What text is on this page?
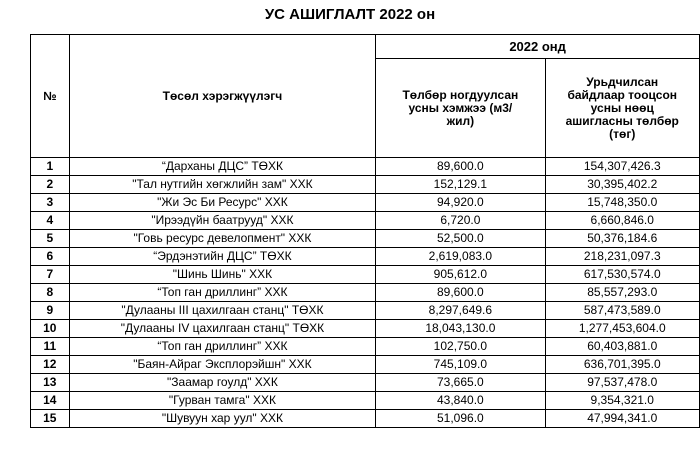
УС АШИГЛАЛТ 2022 он
№	Төсөл хэрэгжүүлэгч	2022 онд	

		Төлбөр ногдуулсан усны хэмжээ (м3/жил)	Урьдчилсан байдлаар тооцсон усны нөөц ашигласны төлбөр (төг)

1	“Дарханы ДЦС” ТӨХК	89,600.0	154,307,426.3
2	"Тал нутгийн хөгжлийн зам" ХХК	152,129.1	30,395,402.2
3	"Жи Эс Би Ресурс" ХХК	94,920.0	15,748,350.0
4	"Ирээдүйн баатрууд" ХХК	6,720.0	6,660,846.0
5	"Говь ресурс девелопмент" ХХК	52,500.0	50,376,184.6
6	“Эрдэнэтийн ДЦС” ТӨХК	2,619,083.0	218,231,097.3
7	"Шинь Шинь" ХХК	905,612.0	617,530,574.0
8	“Топ ган дриллинг” ХХК	89,600.0	85,557,293.0
9	"Дулааны III цахилгаан станц" ТӨХК	8,297,649.6	587,473,589.0
10	"Дулааны IV цахилгаан станц" ТӨХК	18,043,130.0	1,277,453,604.0
11	“Топ ган дриллинг” ХХК	102,750.0	60,403,881.0
12	"Баян-Айраг Эксплорэйшн" ХХК	745,109.0	636,701,395.0
13	"Заамар гоулд" ХХК	73,665.0	97,537,478.0
14	"Гурван тамга" ХХК	43,840.0	9,354,321.0
15	"Шувуун хар уул" ХХК	51,096.0	47,994,341.0
